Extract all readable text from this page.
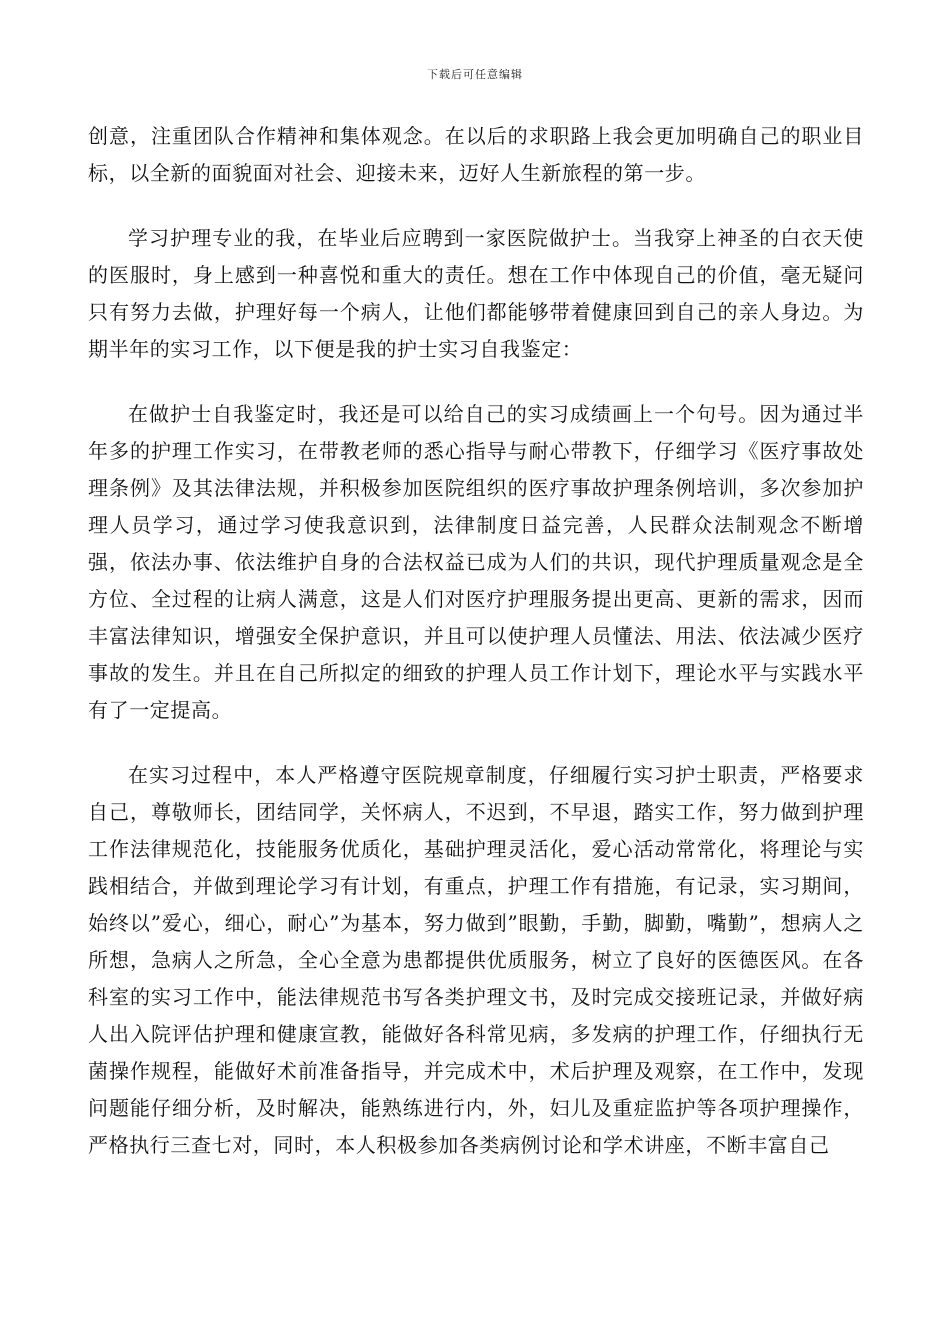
下载后可任意编辑

创意，注重团队合作精神和集体观念。在以后的求职路上我会更加明确自己的职业目标，以全新的面貌面对社会、迎接未来，迈好人生新旅程的第一步。

学习护理专业的我，在毕业后应聘到一家医院做护士。当我穿上神圣的白衣天使的医服时，身上感到一种喜悦和重大的责任。想在工作中体现自己的价值，毫无疑问只有努力去做，护理好每一个病人，让他们都能够带着健康回到自己的亲人身边。为期半年的实习工作，以下便是我的护士实习自我鉴定：

在做护士自我鉴定时，我还是可以给自己的实习成绩画上一个句号。因为通过半年多的护理工作实习，在带教老师的悉心指导与耐心带教下，仔细学习《医疗事故处理条例》及其法律法规，并积极参加医院组织的医疗事故护理条例培训，多次参加护理人员学习，通过学习使我意识到，法律制度日益完善，人民群众法制观念不断增强，依法办事、依法维护自身的合法权益已成为人们的共识，现代护理质量观念是全方位、全过程的让病人满意，这是人们对医疗护理服务提出更高、更新的需求，因而丰富法律知识，增强安全保护意识，并且可以使护理人员懂法、用法、依法减少医疗事故的发生。并且在自己所拟定的细致的护理人员工作计划下，理论水平与实践水平有了一定提高。

在实习过程中，本人严格遵守医院规章制度，仔细履行实习护士职责，严格要求自己，尊敬师长，团结同学，关怀病人，不迟到，不早退，踏实工作，努力做到护理工作法律规范化，技能服务优质化，基础护理灵活化，爱心活动常常化，将理论与实践相结合，并做到理论学习有计划，有重点，护理工作有措施，有记录，实习期间，始终以”爱心，细心，耐心”为基本，努力做到”眼勤，手勤，脚勤，嘴勤”，想病人之所想，急病人之所急，全心全意为患都提供优质服务，树立了良好的医德医风。在各科室的实习工作中，能法律规范书写各类护理文书，及时完成交接班记录，并做好病人出入院评估护理和健康宣教，能做好各科常见病，多发病的护理工作，仔细执行无菌操作规程，能做好术前准备指导，并完成术中，术后护理及观察，在工作中，发现问题能仔细分析，及时解决，能熟练进行内，外，妇儿及重症监护等各项护理操作，严格执行三查七对，同时，本人积极参加各类病例讨论和学术讲座，不断丰富自己
